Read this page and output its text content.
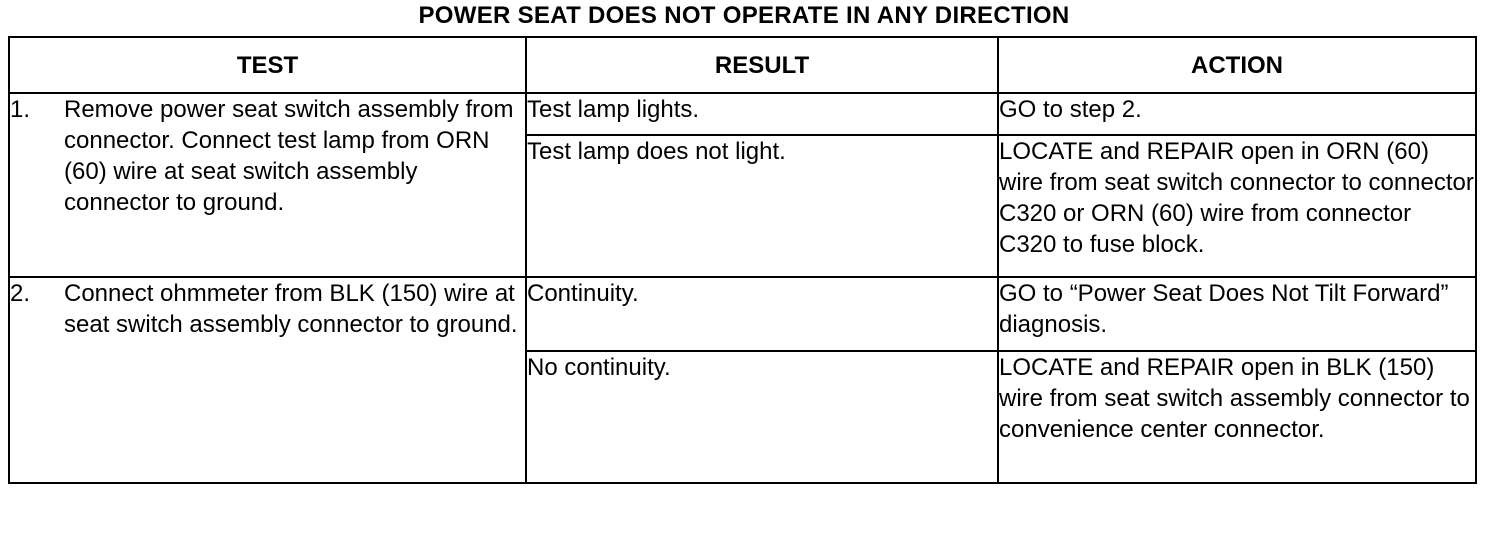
POWER SEAT DOES NOT OPERATE IN ANY DIRECTION
TEST	RESULT	ACTION

1. Remove power seat switch assembly from connector. Connect test lamp from ORN (60) wire at seat switch assembly connector to ground.	Test lamp lights.	GO to step 2.
	Test lamp does not light.	LOCATE and REPAIR open in ORN (60) wire from seat switch connector to connector C320 or ORN (60) wire from connector C320 to fuse block.

2. Connect ohmmeter from BLK (150) wire at seat switch assembly connector to ground.	Continuity.	GO to “Power Seat Does Not Tilt Forward” diagnosis.
	No continuity.	LOCATE and REPAIR open in BLK (150) wire from seat switch assembly connector to convenience center connector.
